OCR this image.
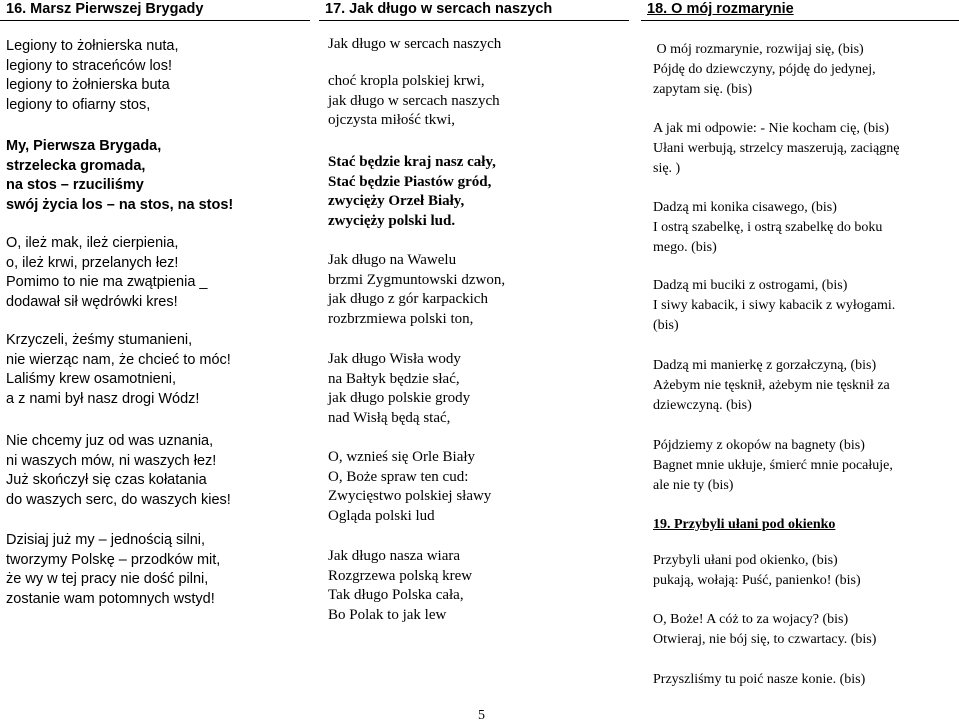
16. Marsz Pierwszej Brygady
Legiony to żołnierska nuta,
legiony to straceńców los!
legiony to żołnierska buta
legiony to ofiarny stos,
My, Pierwsza Brygada,
strzelecka gromada,
na stos – rzuciliśmy
swój życia los – na stos, na stos!
O, ileż mak, ileż cierpienia,
o, ileż krwi, przelanych łez!
Pomimo to nie ma zwątpienia _
dodawał sił wędrówki kres!
Krzyczeli, żeśmy stumanieni,
nie wierząc nam, że chcieć to móc!
Laliśmy krew osamotnieni,
a z nami był nasz drogi Wódz!
Nie chcemy juz od was uznania,
ni waszych mów, ni waszych łez!
Już skończył się czas kołatania
do waszych serc, do waszych kies!
Dzisiaj już my – jednością silni,
tworzymy Polskę – przodków mit,
że wy w tej pracy nie dość pilni,
zostanie wam potomnych wstyd!
17. Jak długo w sercach naszych
Jak długo w sercach naszych
choć kropla polskiej krwi,
jak długo w sercach naszych
ojczysta miłość tkwi,
Stać będzie kraj nasz cały,
Stać będzie Piastów gród,
zwycięży Orzeł Biały,
zwycięży polski lud.
Jak długo na Wawelu
brzmi Zygmuntowski dzwon,
jak długo z gór karpackich
rozbrzmiewa polski ton,
Jak długo Wisła wody
na Bałtyk będzie słać,
jak długo polskie grody
nad Wisłą będą stać,
O, wznieś się Orle Biały
O, Boże spraw ten cud:
Zwycięstwo polskiej sławy
Ogląda polski lud
Jak długo nasza wiara
Rozgrzewa polską krew
Tak długo Polska cała,
Bo Polak to jak lew
18. O mój rozmarynie
O mój rozmarynie, rozwijaj się, (bis)
Pójdę do dziewczyny, pójdę do jedynej,
zapytam się. (bis)
A jak mi odpowie: - Nie kocham cię, (bis)
Ułani werbują, strzelcy maszerują, zaciągnę
się. )
Dadzą mi konika cisawego, (bis)
I ostrą szabelkę, i ostrą szabelkę do boku
mego. (bis)
Dadzą mi buciki z ostrogami, (bis)
I siwy kabacik, i siwy kabacik z wyłogami.
(bis)
Dadzą mi manierkę z gorzałczyną, (bis)
Ażebym nie tęsknił, ażebym nie tęsknił za
dziewczyną. (bis)
Pójdziemy z okopów na bagnety (bis)
Bagnet mnie ukłuje, śmierć mnie pocałuje,
ale nie ty (bis)
19. Przybyli ułani pod okienko
Przybyli ułani pod okienko, (bis)
pukają, wołają: Puść, panienko! (bis)
O, Boże! A cóż to za wojacy? (bis)
Otwieraj, nie bój się, to czwartacy. (bis)
Przyszliśmy tu poić nasze konie. (bis)
5
